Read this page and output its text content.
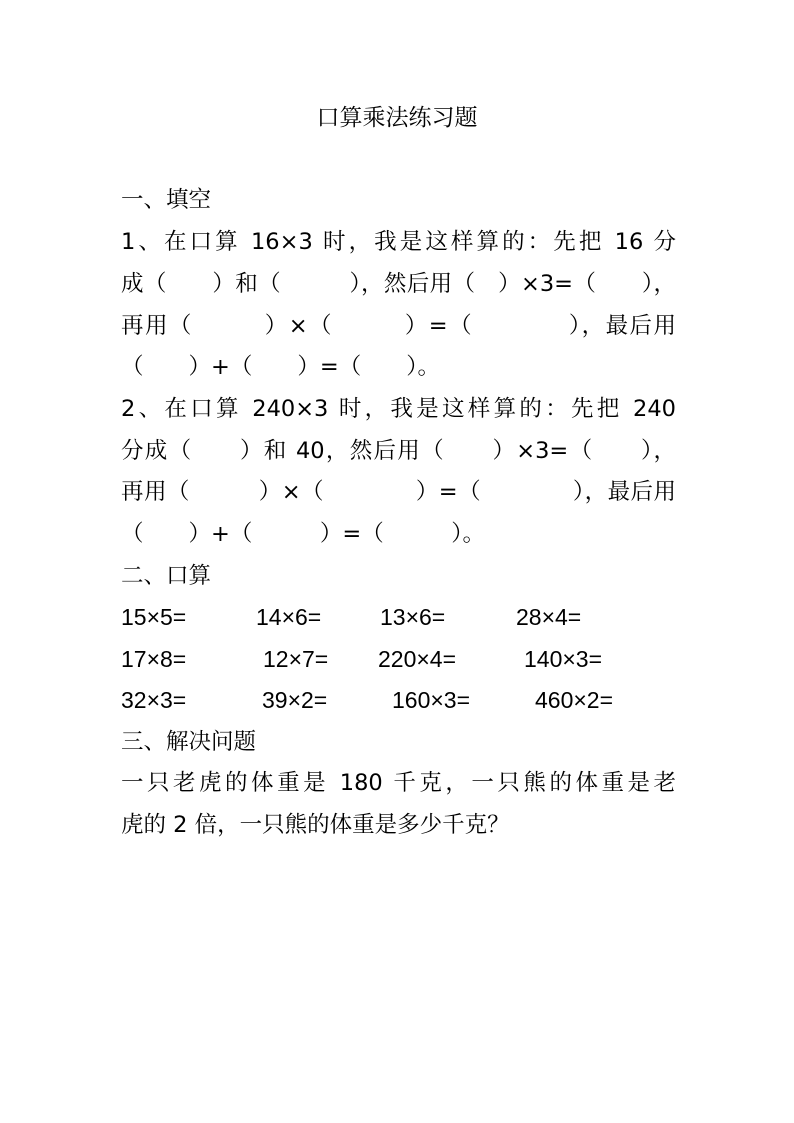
口算乘法练习题
一、填空
1、在口算 16×3 时，我是这样算的：先把 16 分
成（　　）和（　　　），然后用（　）×3=（　　），
再用（　　　）×（　　　）=（　　　　），最后用
（　　）+（　　）=（　　）。
2、在口算 240×3 时，我是这样算的：先把 240
分成（　　）和 40，然后用（　　）×3=（　　），
再用（　　　）×（　　　　）=（　　　　），最后用
（　　）+（　　　）=（　　　）。
二、口算
15×5=	14×6=	13×6=	28×4=
17×8=	12×7= 220×4=	140×3=
32×3=	39×2=	160×3=	460×2=
三、解决问题
一只老虎的体重是 180 千克，一只熊的体重是老
虎的 2 倍，一只熊的体重是多少千克？
